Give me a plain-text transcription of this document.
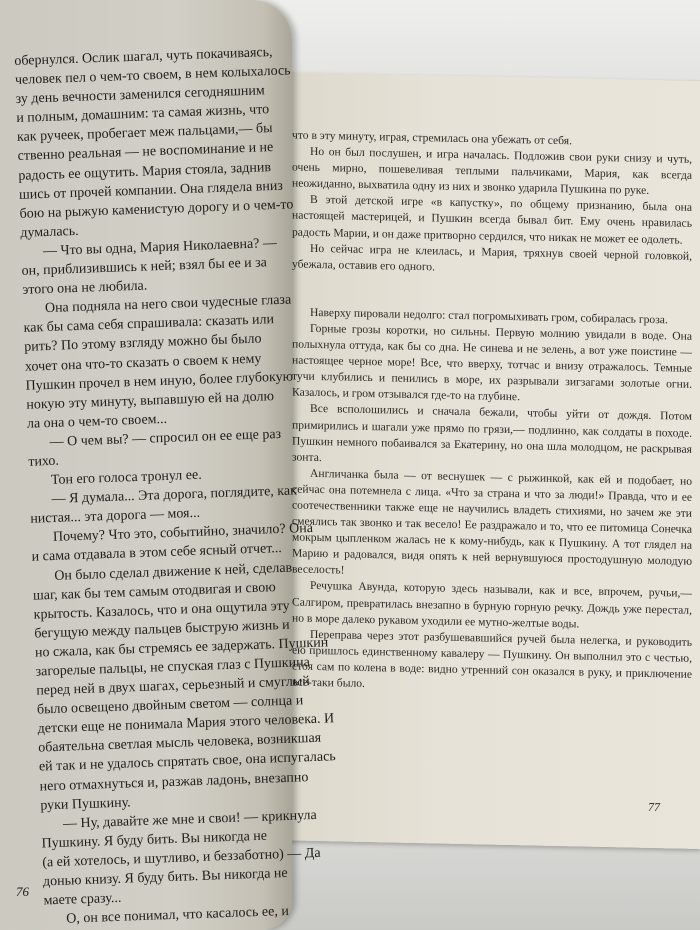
что в эту минуту, играя, стремилась она убежать от себя.

Но он был послушен, и игра началась. Подложив свои руки снизу и чуть, очень мирно, пошевеливая теплыми пальчиками, Мария, как всегда неожиданно, выхватила одну из них и звонко ударила Пушкина по руке.

В этой детской игре «в капустку», по общему признанию, была она настоящей мастерицей, и Пушкин всегда бывал бит. Ему очень нравилась радость Марии, и он даже притворно сердился, что никак не может ее одолеть.

Но сейчас игра не клеилась, и Мария, тряхнув своей черной головкой, убежала, оставив его одного.

Наверху пировали недолго: стал погромыхивать гром, собиралась гроза.

Горные грозы коротки, но сильны. Первую молнию увидали в воде. Она полыхнула оттуда, как бы со дна. Не синева и не зелень, а вот уже поистине — настоящее черное море! Все, что вверху, тотчас и внизу отражалось. Темные тучи клубились и пенились в море, их разрывали зигзагами золотые огни. Казалось, и гром отзывался где-то на глубине.

Все всполошились и сначала бежали, чтобы уйти от дождя. Потом примирились и шагали уже прямо по грязи,— подлинно, как солдаты в походе. Пушкин немного побаивался за Екатерину, но она шла молодцом, не раскрывая зонта.

Англичанка была — от веснушек — с рыжинкой, как ей и подобает, но сейчас она потемнела с лица. «Что за страна и что за люди!» Правда, что и ее соотечественники также еще не научились владеть стихиями, но зачем же эти смеялись так звонко и так весело! Ее раздражало и то, что ее питомица Сонечка мокрым цыпленком жалась не к кому-нибудь, как к Пушкину. А тот глядел на Марию и радовался, видя опять к ней вернувшуюся простодушную молодую веселость!

Речушка Авунда, которую здесь называли, как и все, впрочем, ручьи,— Салгиром, превратилась внезапно в бурную горную речку. Дождь уже перестал, но в море далеко рукавом уходили ее мутно-желтые воды.

Переправа через этот разбушевавшийся ручей была нелегка, и руководить ею пришлось единственному кавалеру — Пушкину. Он выполнил это с честью, стоя сам по колена в воде: видно утренний сон оказался в руку, и приключение все-таки было.

77

обернулся. Ослик шагал, чуть покачиваясь,

человек пел о чем-то своем, в нем колыхалось

зу день вечности заменился сегодняшним

и полным, домашним: та самая жизнь, что

как ручеек, пробегает меж пальцами,— бы

ственно реальная — не воспоминание и не

радость ее ощутить. Мария стояла, заднив

шись от прочей компании. Она глядела вниз

бою на рыжую каменистую дорогу и о чем-то

думалась.

— Что вы одна, Мария Николаевна? —

он, приблизившись к ней; взял бы ее и за

этого она не любила.

Она подняла на него свои чудесные глаза

как бы сама себя спрашивала: сказать или

рить? По этому взгляду можно бы было

хочет она что-то сказать о своем к нему

Пушкин прочел в нем иную, более глубокую

нокую эту минуту, выпавшую ей на долю

ла она о чем-то своем...

— О чем вы? — спросил он ее еще раз

тихо.

Тон его голоса тронул ее.

— Я думала... Эта дорога, поглядите, как

нистая... эта дорога — моя...

Почему? Что это, событийно, значило? Она

и сама отдавала в этом себе ясный отчет...

Он было сделал движение к ней, сделав

шаг, как бы тем самым отодвигая и свою

крытость. Казалось, что и она ощутила эту

бегущую между пальцев быструю жизнь и

но сжала, как бы стремясь ее задержать. Пушкин

загорелые пальцы, не спуская глаз с Пушкина

перед ней в двух шагах, серьезный и смуглый

было освещено двойным светом — солнца и

детски еще не понимала Мария этого человека. И

обаятельна светлая мысль человека, возникшая

ей так и не удалось спрятать свое, она испугалась

него отмахнуться и, разжав ладонь, внезапно

руки Пушкину.

— Ну, давайте же мне и свои! — крикнула

Пушкину. Я буду бить. Вы никогда не

(а ей хотелось, и шутливо, и беззаботно) — Да

донью книзу. Я буду бить. Вы никогда не

маете сразу...

О, он все понимал, что касалось ее, и

76
